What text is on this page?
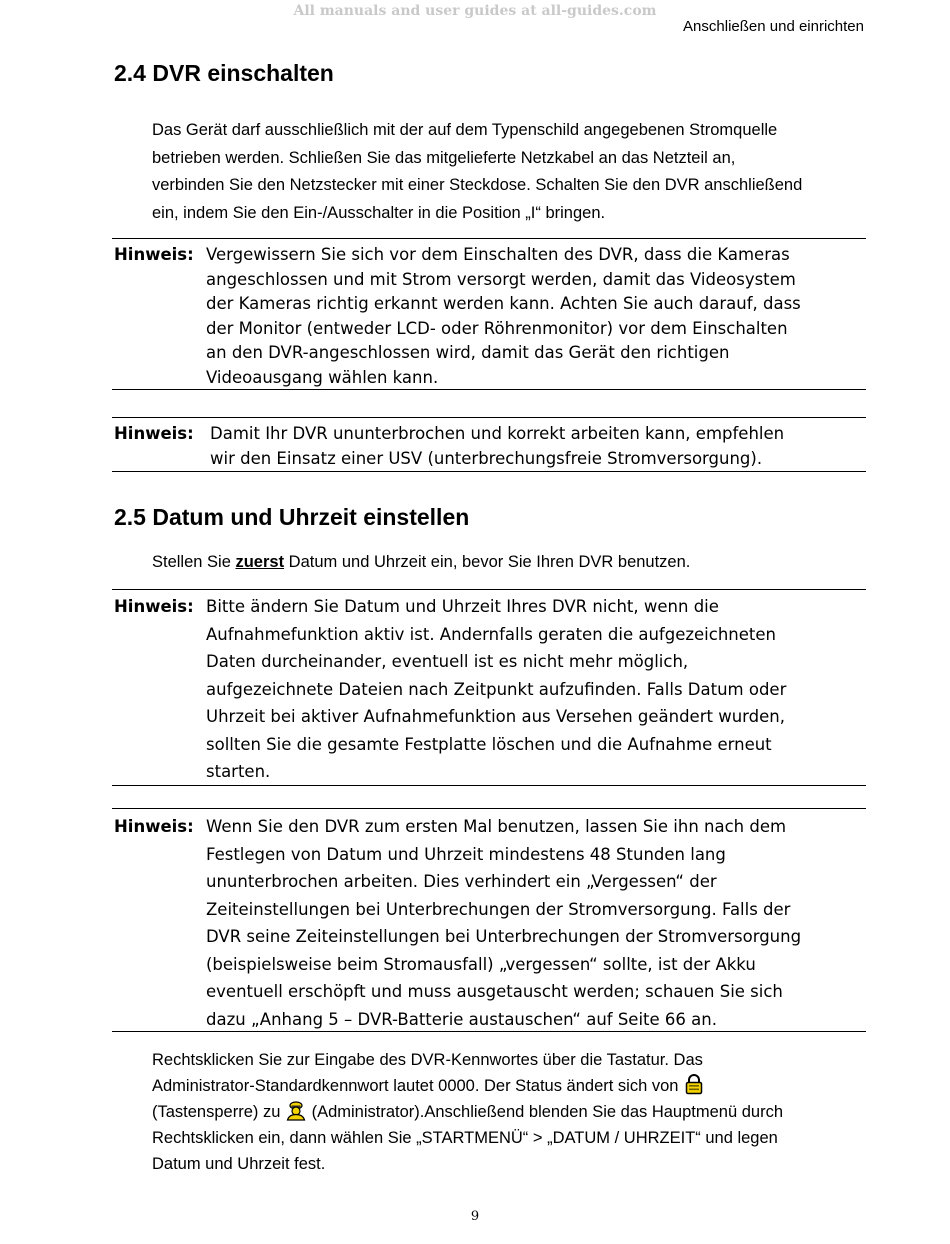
All manuals and user guides at all-guides.com
Anschließen und einrichten
2.4 DVR einschalten
Das Gerät darf ausschließlich mit der auf dem Typenschild angegebenen Stromquelle
betrieben werden. Schließen Sie das mitgelieferte Netzkabel an das Netzteil an,
verbinden Sie den Netzstecker mit einer Steckdose. Schalten Sie den DVR anschließend
ein, indem Sie den Ein-/Ausschalter in die Position „I“ bringen.
Hinweis: Vergewissern Sie sich vor dem Einschalten des DVR, dass die Kameras
angeschlossen und mit Strom versorgt werden, damit das Videosystem
der Kameras richtig erkannt werden kann. Achten Sie auch darauf, dass
der Monitor (entweder LCD- oder Röhrenmonitor) vor dem Einschalten
an den DVR-angeschlossen wird, damit das Gerät den richtigen
Videoausgang wählen kann.
Hinweis: Damit Ihr DVR ununterbrochen und korrekt arbeiten kann, empfehlen
wir den Einsatz einer USV (unterbrechungsfreie Stromversorgung).
2.5 Datum und Uhrzeit einstellen
Stellen Sie zuerst Datum und Uhrzeit ein, bevor Sie Ihren DVR benutzen.
Hinweis: Bitte ändern Sie Datum und Uhrzeit Ihres DVR nicht, wenn die
Aufnahmefunktion aktiv ist. Andernfalls geraten die aufgezeichneten
Daten durcheinander, eventuell ist es nicht mehr möglich,
aufgezeichnete Dateien nach Zeitpunkt aufzufinden. Falls Datum oder
Uhrzeit bei aktiver Aufnahmefunktion aus Versehen geändert wurden,
sollten Sie die gesamte Festplatte löschen und die Aufnahme erneut
starten.
Hinweis: Wenn Sie den DVR zum ersten Mal benutzen, lassen Sie ihn nach dem
Festlegen von Datum und Uhrzeit mindestens 48 Stunden lang
ununterbrochen arbeiten. Dies verhindert ein „Vergessen“ der
Zeiteinstellungen bei Unterbrechungen der Stromversorgung. Falls der
DVR seine Zeiteinstellungen bei Unterbrechungen der Stromversorgung
(beispielsweise beim Stromausfall) „vergessen“ sollte, ist der Akku
eventuell erschöpft und muss ausgetauscht werden; schauen Sie sich
dazu „Anhang 5 – DVR-Batterie austauschen“ auf Seite 66 an.
Rechtsklicken Sie zur Eingabe des DVR-Kennwortes über die Tastatur. Das
Administrator-Standardkennwort lautet 0000. Der Status ändert sich von
(Tastensperre) zu (Administrator).Anschließend blenden Sie das Hauptmenü durch
Rechtsklicken ein, dann wählen Sie „STARTMENÜ“ > „DATUM / UHRZEIT“ und legen
Datum und Uhrzeit fest.
9
